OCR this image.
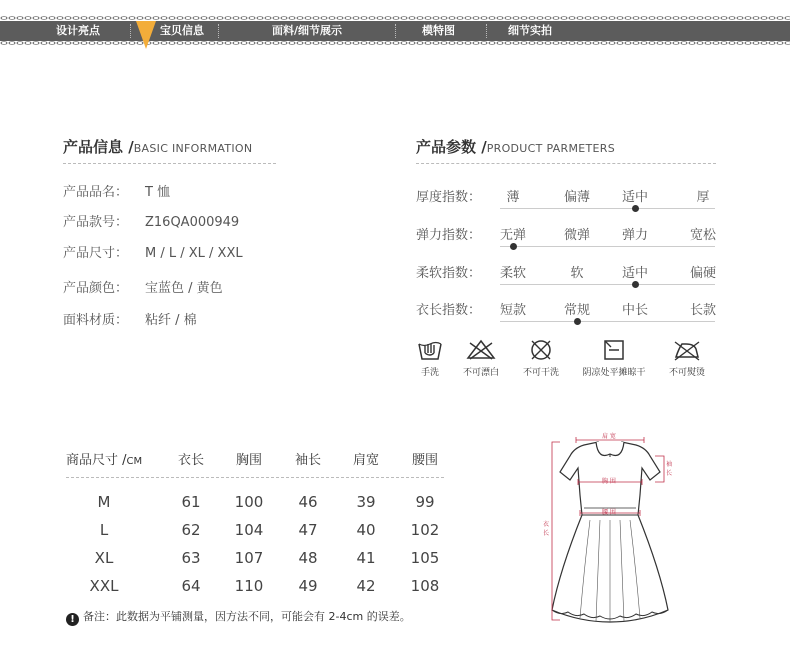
设计亮点	宝贝信息	面料/细节展示	模特图	细节实拍
产品信息 /BASIC INFORMATION
产品品名： T 恤
产品款号： Z16QA000949
产品尺寸： M / L / XL / XXL
产品颜色： 宝蓝色 / 黄色
面料材质： 粘纤 / 棉
产品参数 /PRODUCT PARMETERS
厚度指数： 薄	偏薄 适中	厚
弹力指数： 无弹	微弹 弹力	宽松
柔软指数： 柔软	软	适中	偏硬
衣长指数： 短款	常规 中长	长款
手洗	不可漂白	不可干洗	阴凉处平摊晾干	不可熨烫
商品尺寸 /CM	衣长 胸围	袖长 肩宽	腰围
M	61 100 46	39	99
L	62 104 47	40 102
XL	63 107 48	41 105
XXL	64 110 49	42 108
! 备注：此数据为平铺测量，因方法不同，可能会有 2-4cm 的误差。
肩 宽
胸 围
腰 围
袖 长
衣 长
